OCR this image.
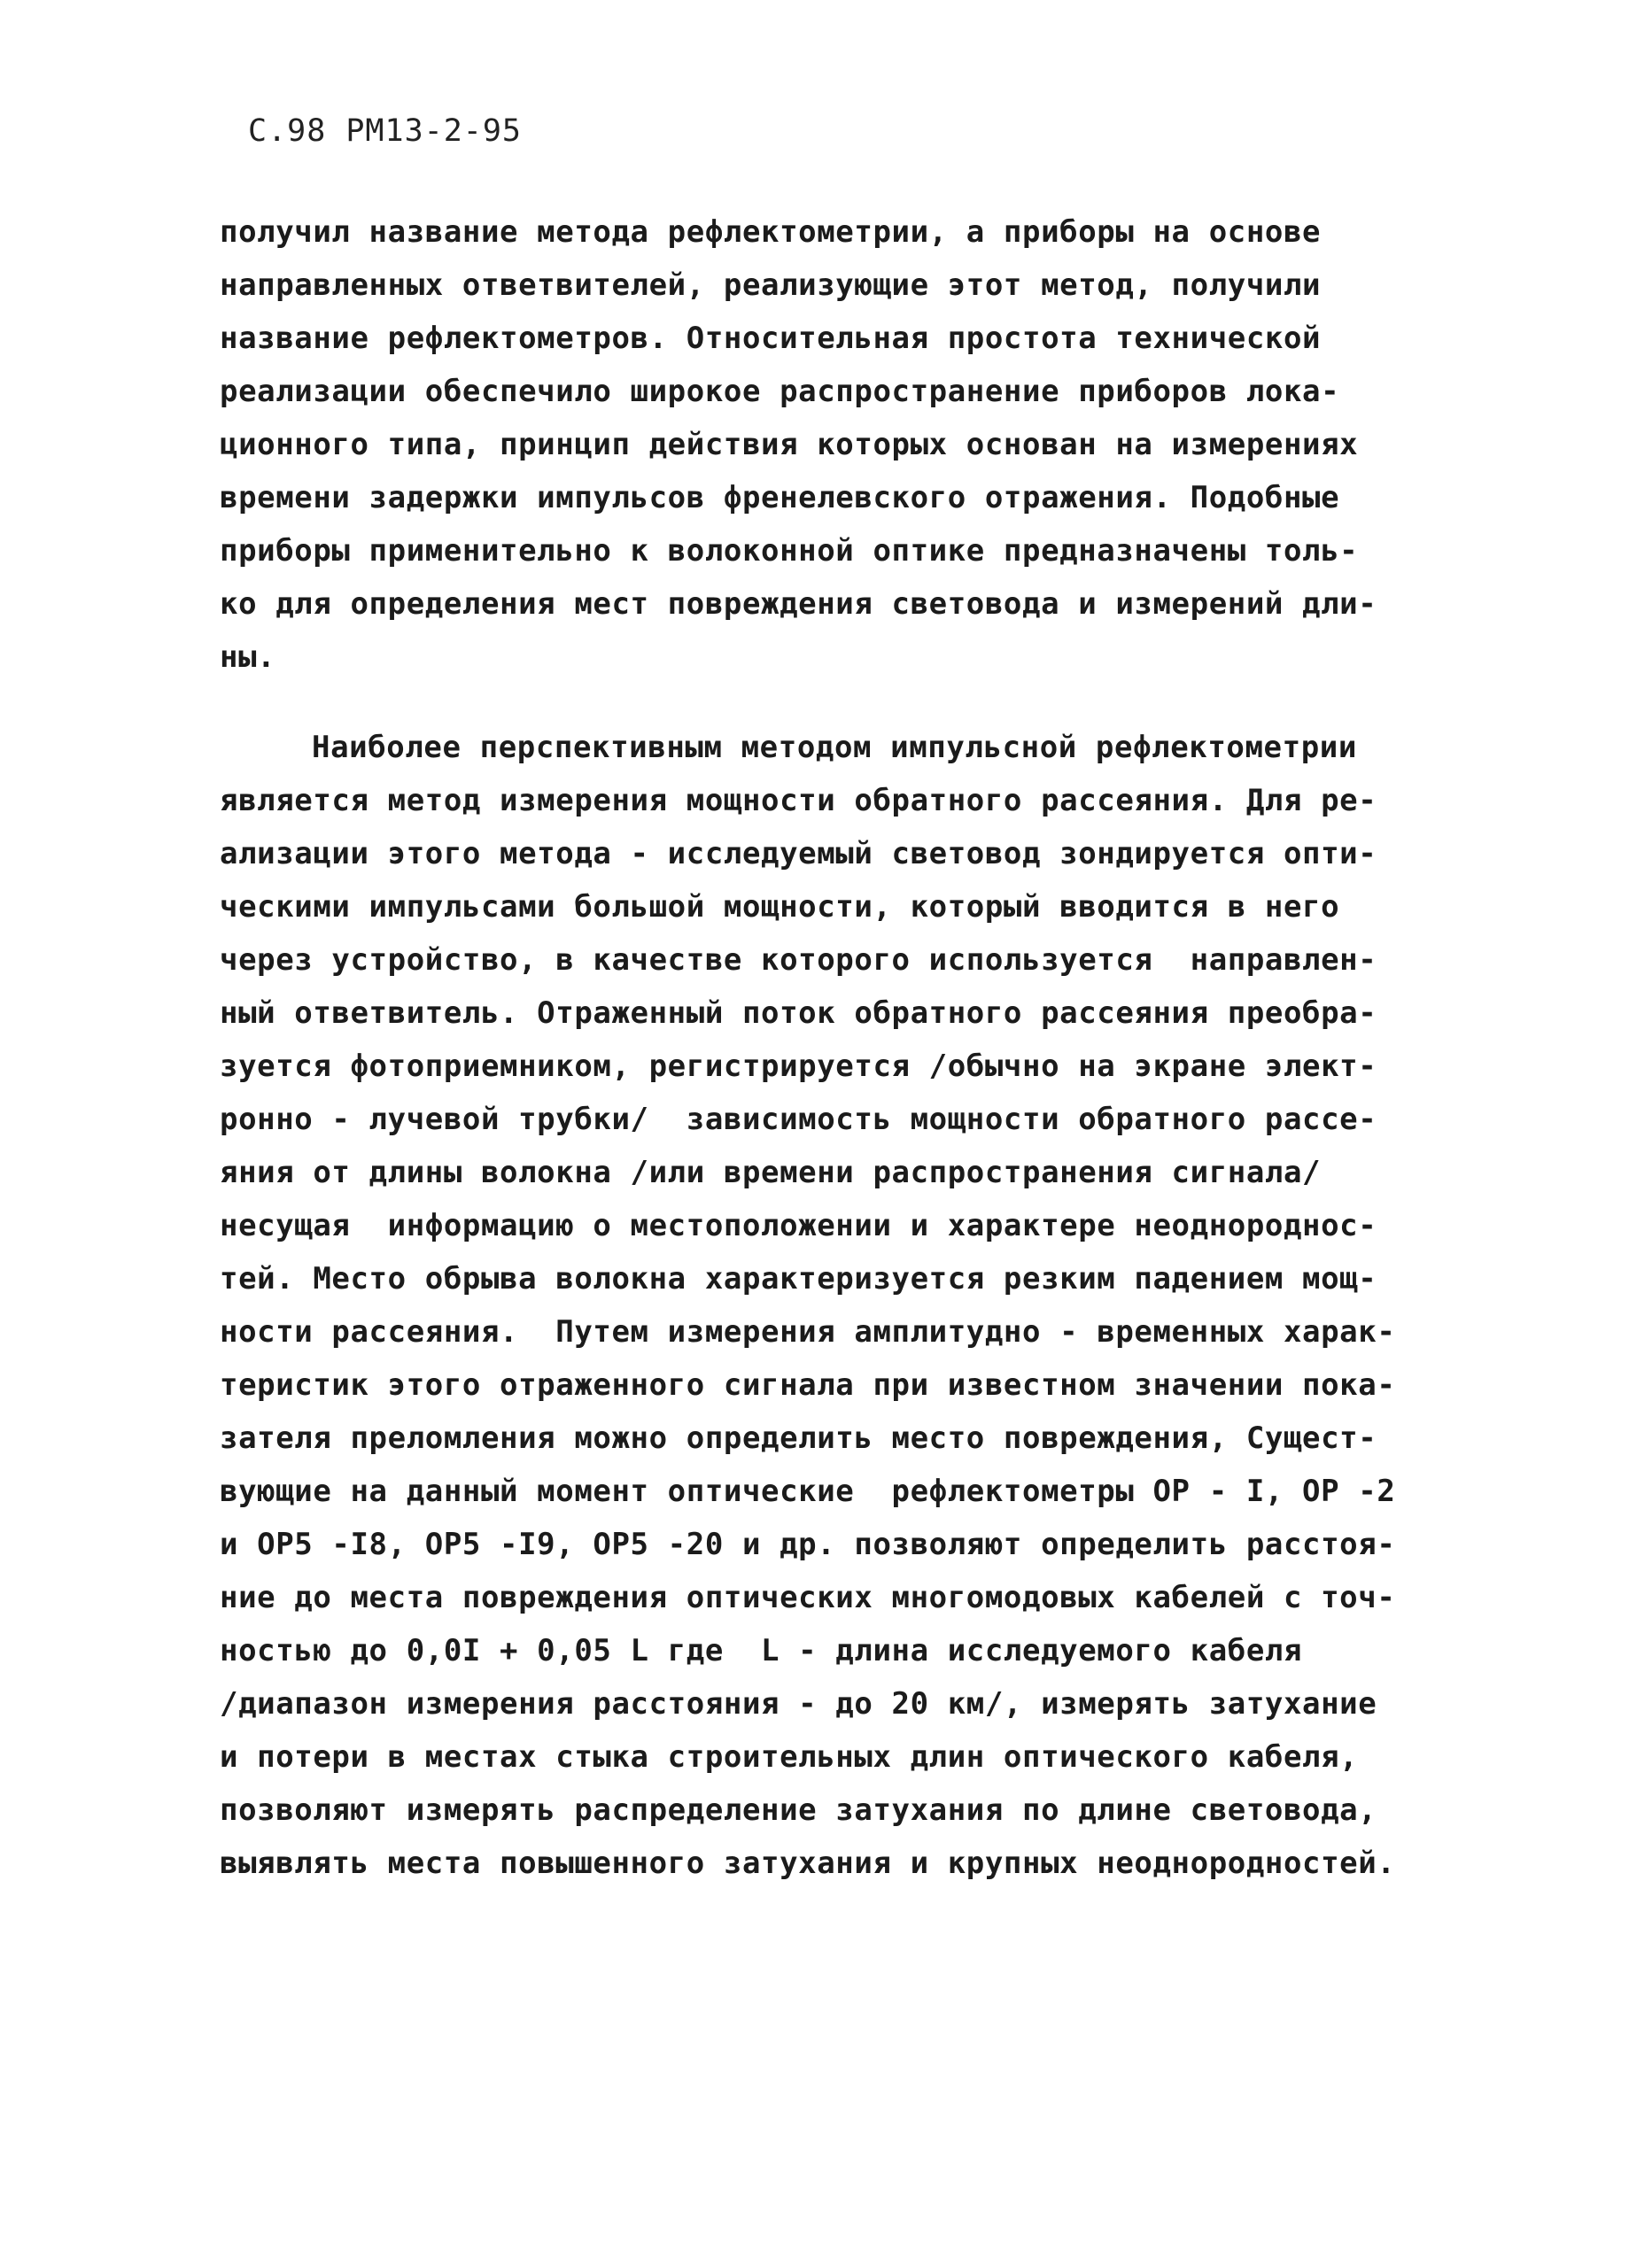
С.98 РМ13-2-95
получил название метода рефлектометрии, а приборы на основе
направленных ответвителей, реализующие этот метод, получили
название рефлектометров. Относительная простота технической
реализации обеспечило широкое распространение приборов лока-
ционного типа, принцип действия которых основан на измерениях
времени задержки импульсов френелевского отражения. Подобные
приборы применительно к волоконной оптике предназначены толь-
ко для определения мест повреждения световода и измерений дли-
ны.
Наиболее перспективным методом импульсной рефлектометрии
является метод измерения мощности обратного рассеяния. Для ре-
ализации этого метода - исследуемый световод зондируется опти-
ческими импульсами большой мощности, который вводится в него
через устройство, в качестве которого используется  направлен-
ный ответвитель. Отраженный поток обратного рассеяния преобра-
зуется фотоприемником, регистрируется /обычно на экране элект-
ронно - лучевой трубки/  зависимость мощности обратного рассе-
яния от длины волокна /или времени распространения сигнала/
несущая  информацию о местоположении и характере неоднороднос-
тей. Место обрыва волокна характеризуется резким падением мощ-
ности рассеяния.  Путем измерения амплитудно - временных харак-
теристик этого отраженного сигнала при известном значении пока-
зателя преломления можно определить место повреждения, Сущест-
вующие на данный момент оптические  рефлектометры ОР - I, ОР -2
и ОР5 -I8, ОР5 -I9, ОР5 -20 и др. позволяют определить расстоя-
ние до места повреждения оптических многомодовых кабелей с точ-
ностью до 0,0I + 0,05 L где  L - длина исследуемого кабеля
/диапазон измерения расстояния - до 20 км/, измерять затухание
и потери в местах стыка строительных длин оптического кабеля,
позволяют измерять распределение затухания по длине световода,
выявлять места повышенного затухания и крупных неоднородностей.
